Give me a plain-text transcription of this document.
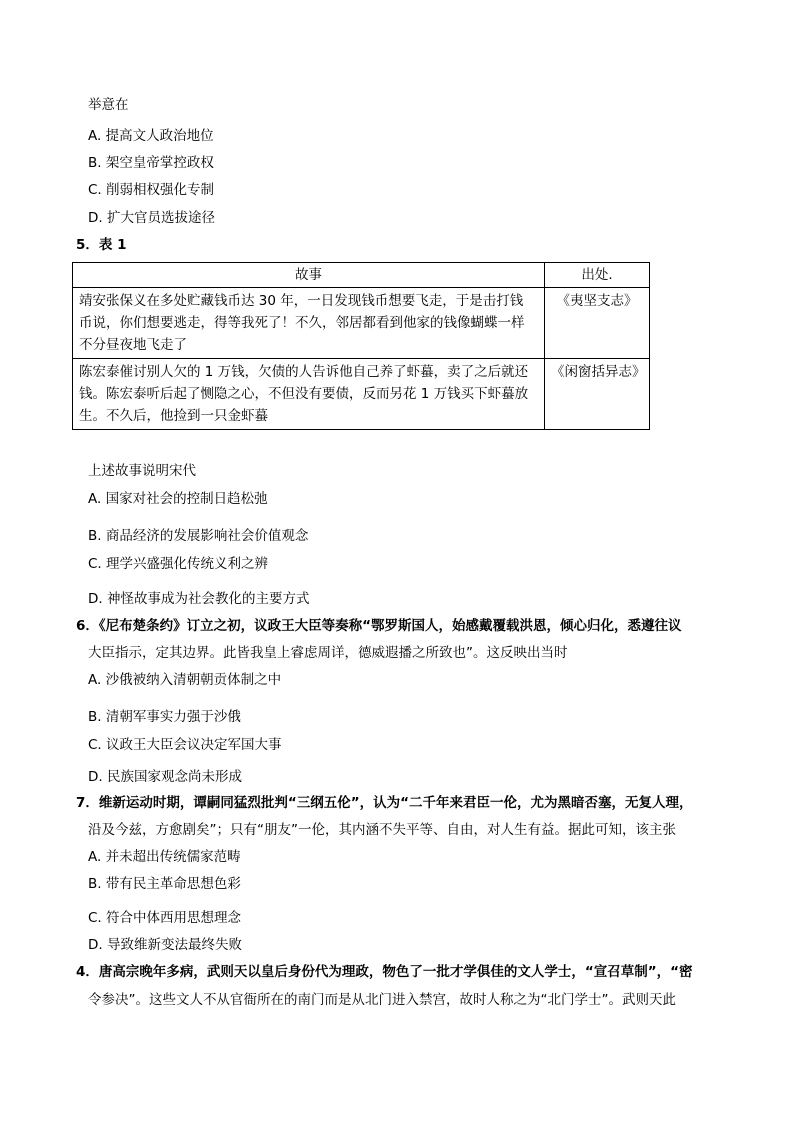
举意在
A. 提高文人政治地位
B. 架空皇帝掌控政权
C. 削弱相权强化专制
D. 扩大官员选拔途径
5．表 1
故事	出处.

靖安张保义在多处贮藏钱币达 30 年，一日发现钱币想要飞走，于是击打钱
币说，你们想要逃走，得等我死了！不久，邻居都看到他家的钱像蝴蝶一样
不分昼夜地飞走了	《夷坚支志》

陈宏泰催讨别人欠的 1 万钱，欠债的人告诉他自己养了虾蟇，卖了之后就还
钱。陈宏泰听后起了恻隐之心，不但没有要债，反而另花 1 万钱买下虾蟇放
生。不久后，他捡到一只金虾蟇	《闲窗括异志》
上述故事说明宋代
A. 国家对社会的控制日趋松弛
B. 商品经济的发展影响社会价值观念
C. 理学兴盛强化传统义利之辨
D. 神怪故事成为社会教化的主要方式
6．《尼布楚条约》订立之初，议政王大臣等奏称“鄂罗斯国人，始感戴覆载洪恩，倾心归化，悉遵往议
大臣指示，定其边界。此皆我皇上睿虑周详，德威遐播之所致也”。这反映出当时
A. 沙俄被纳入清朝朝贡体制之中
B. 清朝军事实力强于沙俄
C. 议政王大臣会议决定军国大事
D. 民族国家观念尚未形成
7．维新运动时期，谭嗣同猛烈批判“三纲五伦”，认为“二千年来君臣一伦，尤为黑暗否塞，无复人理，
沿及今兹，方愈剧矣”；只有“朋友”一伦，其内涵不失平等、自由，对人生有益。据此可知，该主张
A. 并未超出传统儒家范畴
B. 带有民主革命思想色彩
C. 符合中体西用思想理念
D. 导致维新变法最终失败
4．唐高宗晚年多病，武则天以皇后身份代为理政，物色了一批才学俱佳的文人学士，“宣召草制”，“密
令参决”。这些文人不从官衙所在的南门而是从北门进入禁宫，故时人称之为“北门学士”。武则天此
